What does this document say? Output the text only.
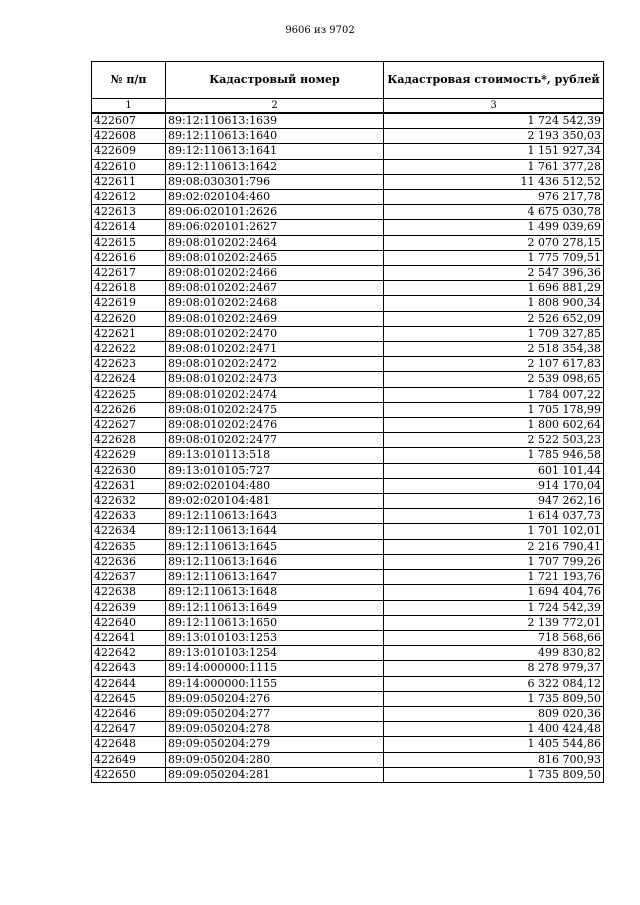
9606 из 9702
№ п/п	Кадастровый номер	Кадастровая стоимость*, рублей
1	2	3
422607	89:12:110613:1639	1 724 542,39
422608	89:12:110613:1640	2 193 350,03
422609	89:12:110613:1641	1 151 927,34
422610	89:12:110613:1642	1 761 377,28
422611	89:08:030301:796	11 436 512,52
422612	89:02:020104:460	976 217,78
422613	89:06:020101:2626	4 675 030,78
422614	89:06:020101:2627	1 499 039,69
422615	89:08:010202:2464	2 070 278,15
422616	89:08:010202:2465	1 775 709,51
422617	89:08:010202:2466	2 547 396,36
422618	89:08:010202:2467	1 696 881,29
422619	89:08:010202:2468	1 808 900,34
422620	89:08:010202:2469	2 526 652,09
422621	89:08:010202:2470	1 709 327,85
422622	89:08:010202:2471	2 518 354,38
422623	89:08:010202:2472	2 107 617,83
422624	89:08:010202:2473	2 539 098,65
422625	89:08:010202:2474	1 784 007,22
422626	89:08:010202:2475	1 705 178,99
422627	89:08:010202:2476	1 800 602,64
422628	89:08:010202:2477	2 522 503,23
422629	89:13:010113:518	1 785 946,58
422630	89:13:010105:727	601 101,44
422631	89:02:020104:480	914 170,04
422632	89:02:020104:481	947 262,16
422633	89:12:110613:1643	1 614 037,73
422634	89:12:110613:1644	1 701 102,01
422635	89:12:110613:1645	2 216 790,41
422636	89:12:110613:1646	1 707 799,26
422637	89:12:110613:1647	1 721 193,76
422638	89:12:110613:1648	1 694 404,76
422639	89:12:110613:1649	1 724 542,39
422640	89:12:110613:1650	2 139 772,01
422641	89:13:010103:1253	718 568,66
422642	89:13:010103:1254	499 830,82
422643	89:14:000000:1115	8 278 979,37
422644	89:14:000000:1155	6 322 084,12
422645	89:09:050204:276	1 735 809,50
422646	89:09:050204:277	809 020,36
422647	89:09:050204:278	1 400 424,48
422648	89:09:050204:279	1 405 544,86
422649	89:09:050204:280	816 700,93
422650	89:09:050204:281	1 735 809,50
